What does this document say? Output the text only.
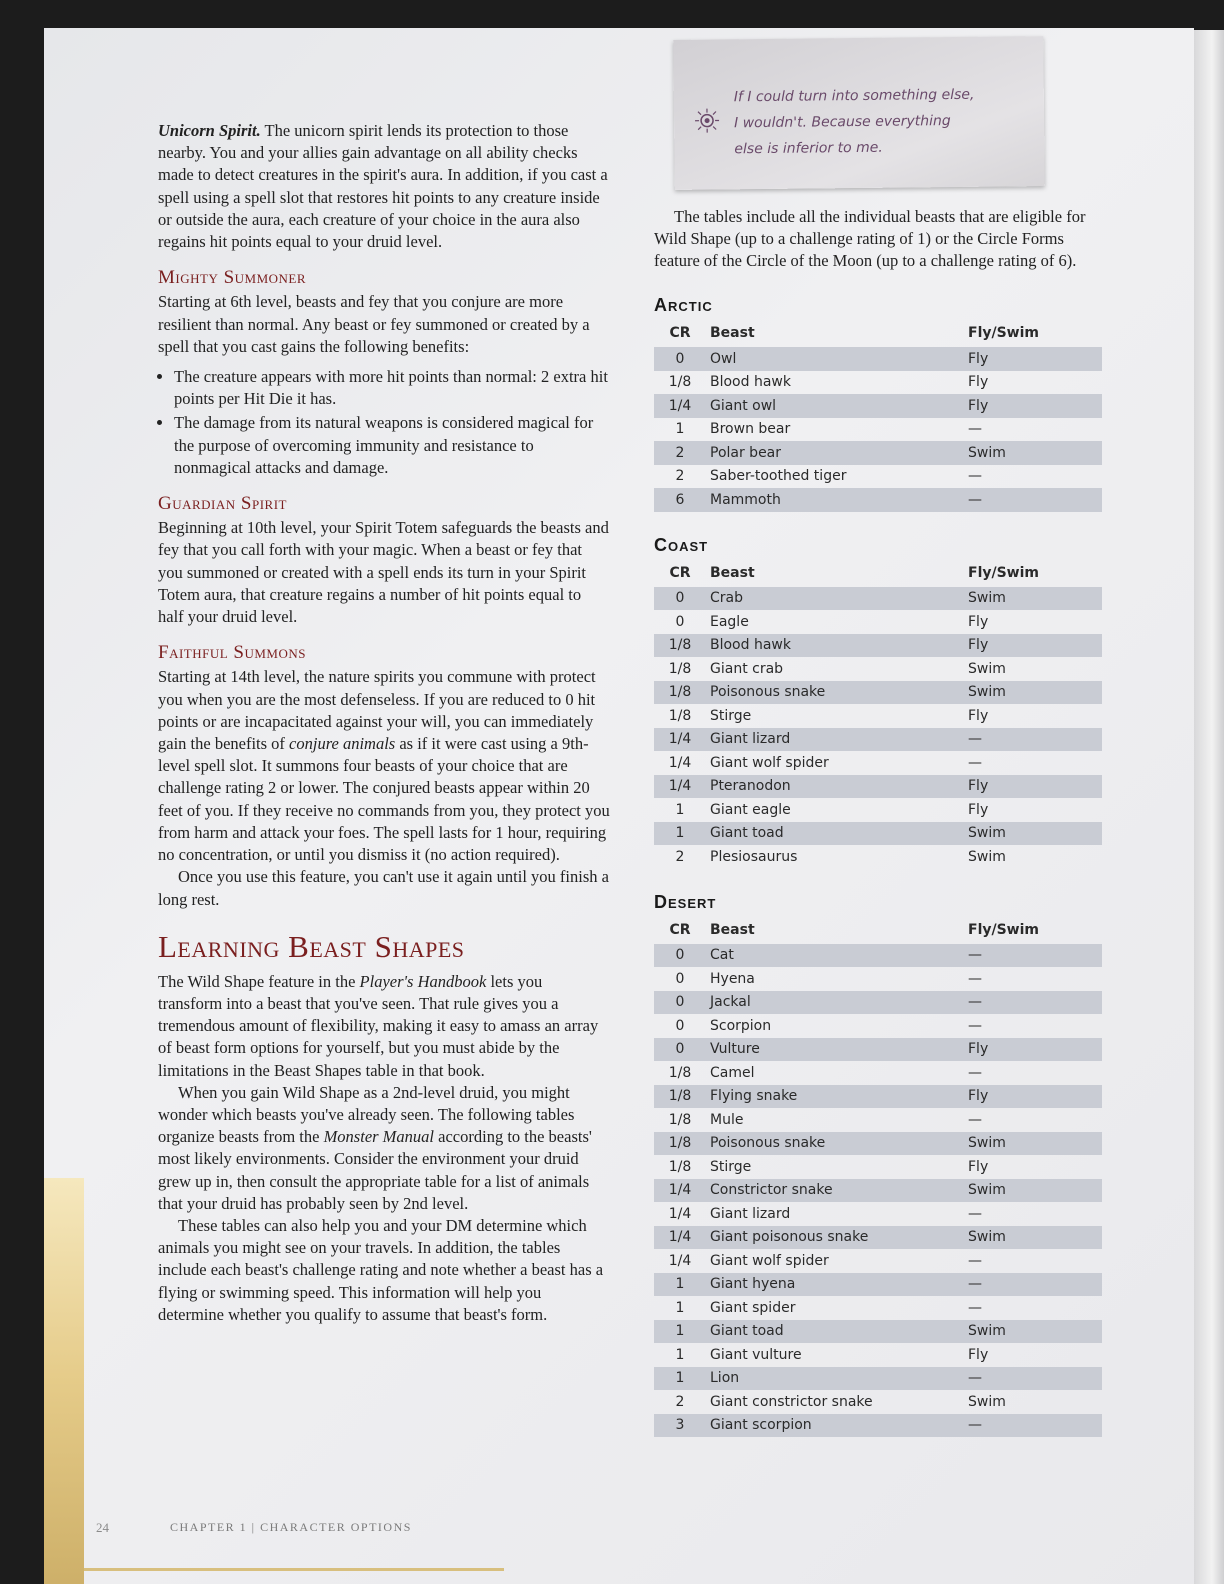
If I could turn into something else,
I wouldn't. Because everything
else is inferior to me.

Unicorn Spirit. The unicorn spirit lends its protection to those nearby. You and your allies gain advantage on all ability checks made to detect creatures in the spirit's aura. In addition, if you cast a spell using a spell slot that restores hit points to any creature inside or outside the aura, each creature of your choice in the aura also regains hit points equal to your druid level.

Mighty Summoner

Starting at 6th level, beasts and fey that you conjure are more resilient than normal. Any beast or fey summoned or created by a spell that you cast gains the following benefits:

• The creature appears with more hit points than normal: 2 extra hit points per Hit Die it has.
• The damage from its natural weapons is considered magical for the purpose of overcoming immunity and resistance to nonmagical attacks and damage.
Guardian Spirit

Beginning at 10th level, your Spirit Totem safeguards the beasts and fey that you call forth with your magic. When a beast or fey that you summoned or created with a spell ends its turn in your Spirit Totem aura, that creature regains a number of hit points equal to half your druid level.

Faithful Summons

Starting at 14th level, the nature spirits you commune with protect you when you are the most defenseless. If you are reduced to 0 hit points or are incapacitated against your will, you can immediately gain the benefits of conjure animals as if it were cast using a 9th-level spell slot. It summons four beasts of your choice that are challenge rating 2 or lower. The conjured beasts appear within 20 feet of you. If they receive no commands from you, they protect you from harm and attack your foes. The spell lasts for 1 hour, requiring no concentration, or until you dismiss it (no action required).

Once you use this feature, you can't use it again until you finish a long rest.

Learning Beast Shapes

The Wild Shape feature in the Player's Handbook lets you transform into a beast that you've seen. That rule gives you a tremendous amount of flexibility, making it easy to amass an array of beast form options for yourself, but you must abide by the limitations in the Beast Shapes table in that book.

When you gain Wild Shape as a 2nd-level druid, you might wonder which beasts you've already seen. The following tables organize beasts from the Monster Manual according to the beasts' most likely environments. Consider the environment your druid grew up in, then consult the appropriate table for a list of animals that your druid has probably seen by 2nd level.

These tables can also help you and your DM determine which animals you might see on your travels. In addition, the tables include each beast's challenge rating and note whether a beast has a flying or swimming speed. This information will help you determine whether you qualify to assume that beast's form.

The tables include all the individual beasts that are eligible for Wild Shape (up to a challenge rating of 1) or the Circle Forms feature of the Circle of the Moon (up to a challenge rating of 6).

Arctic
CR	Beast	Fly/Swim
0	Owl	Fly
1/8	Blood hawk	Fly
1/4	Giant owl	Fly
1	Brown bear	—
2	Polar bear	Swim
2	Saber-toothed tiger	—
6	Mammoth	—
Coast
CR	Beast	Fly/Swim
0	Crab	Swim
0	Eagle	Fly
1/8	Blood hawk	Fly
1/8	Giant crab	Swim
1/8	Poisonous snake	Swim
1/8	Stirge	Fly
1/4	Giant lizard	—
1/4	Giant wolf spider	—
1/4	Pteranodon	Fly
1	Giant eagle	Fly
1	Giant toad	Swim
2	Plesiosaurus	Swim
Desert
CR	Beast	Fly/Swim
0	Cat	—
0	Hyena	—
0	Jackal	—
0	Scorpion	—
0	Vulture	Fly
1/8	Camel	—
1/8	Flying snake	Fly
1/8	Mule	—
1/8	Poisonous snake	Swim
1/8	Stirge	Fly
1/4	Constrictor snake	Swim
1/4	Giant lizard	—
1/4	Giant poisonous snake	Swim
1/4	Giant wolf spider	—
1	Giant hyena	—
1	Giant spider	—
1	Giant toad	Swim
1	Giant vulture	Fly
1	Lion	—
2	Giant constrictor snake	Swim
3	Giant scorpion	—
24	CHAPTER 1 | CHARACTER OPTIONS
